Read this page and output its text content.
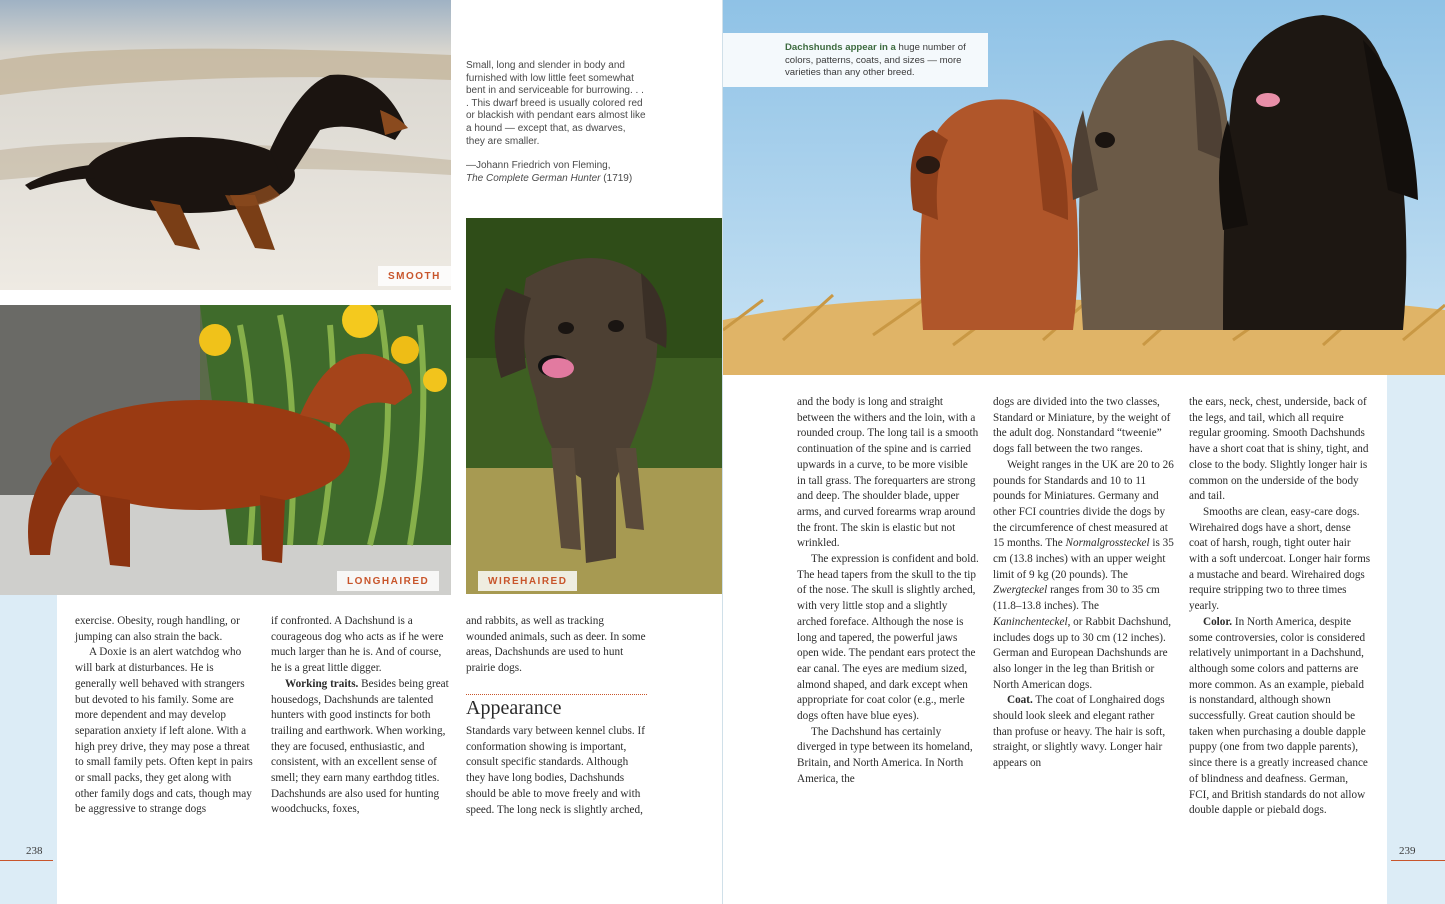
SMOOTH
LONGHAIRED

Small, long and slender in body and furnished with low little feet somewhat bent in and serviceable for burrowing. . . . This dwarf breed is usually colored red or blackish with pendant ears almost like a hound — except that, as dwarves, they are smaller.

—Johann Friedrich von Fleming,
The Complete German Hunter (1719)
WIREHAIRED
Dachshunds appear in a huge number of colors, patterns, coats, and sizes — more varieties than any other breed.

exercise. Obesity, rough handling, or jumping can also strain the back.

A Doxie is an alert watchdog who will bark at disturbances. He is generally well behaved with strangers but devoted to his family. Some are more dependent and may develop separation anxiety if left alone. With a high prey drive, they may pose a threat to small family pets. Often kept in pairs or small packs, they get along with other family dogs and cats, though may be aggressive to strange dogs

if confronted. A Dachshund is a courageous dog who acts as if he were much larger than he is. And of course, he is a great little digger.

Working traits. Besides being great housedogs, Dachshunds are talented hunters with good instincts for both trailing and earthwork. When working, they are focused, enthusiastic, and consistent, with an excellent sense of smell; they earn many earthdog titles. Dachshunds are also used for hunting woodchucks, foxes,

and rabbits, as well as tracking wounded animals, such as deer. In some areas, Dachshunds are used to hunt prairie dogs.

Appearance

Standards vary between kennel clubs. If conformation showing is important, consult specific standards. Although they have long bodies, Dachshunds should be able to move freely and with speed. The long neck is slightly arched,

and the body is long and straight between the withers and the loin, with a rounded croup. The long tail is a smooth continuation of the spine and is carried upwards in a curve, to be more visible in tall grass. The forequarters are strong and deep. The shoulder blade, upper arms, and curved forearms wrap around the front. The skin is elastic but not wrinkled.

The expression is confident and bold. The head tapers from the skull to the tip of the nose. The skull is slightly arched, with very little stop and a slightly arched foreface. Although the nose is long and tapered, the powerful jaws open wide. The pendant ears protect the ear canal. The eyes are medium sized, almond shaped, and dark except when appropriate for coat color (e.g., merle dogs often have blue eyes).

The Dachshund has certainly diverged in type between its homeland, Britain, and North America. In North America, the

dogs are divided into the two classes, Standard or Miniature, by the weight of the adult dog. Nonstandard “tweenie” dogs fall between the two ranges.

Weight ranges in the UK are 20 to 26 pounds for Standards and 10 to 11 pounds for Miniatures. Germany and other FCI countries divide the dogs by the circumference of chest measured at 15 months. The Normalgrossteckel is 35 cm (13.8 inches) with an upper weight limit of 9 kg (20 pounds). The Zwergteckel ranges from 30 to 35 cm (11.8–13.8 inches). The Kaninchenteckel, or Rabbit Dachshund, includes dogs up to 30 cm (12 inches). German and European Dachshunds are also longer in the leg than British or North American dogs.

Coat. The coat of Longhaired dogs should look sleek and elegant rather than profuse or heavy. The hair is soft, straight, or slightly wavy. Longer hair appears on

the ears, neck, chest, underside, back of the legs, and tail, which all require regular grooming. Smooth Dachshunds have a short coat that is shiny, tight, and close to the body. Slightly longer hair is common on the underside of the body and tail.

Smooths are clean, easy-care dogs. Wirehaired dogs have a short, dense coat of harsh, rough, tight outer hair with a soft undercoat. Longer hair forms a mustache and beard. Wirehaired dogs require stripping two to three times yearly.

Color. In North America, despite some controversies, color is considered relatively unimportant in a Dachshund, although some colors and patterns are more common. As an example, piebald is nonstandard, although shown successfully. Great caution should be taken when purchasing a double dapple puppy (one from two dapple parents), since there is a greatly increased chance of blindness and deafness. German, FCI, and British standards do not allow double dapple or piebald dogs.

238	239
